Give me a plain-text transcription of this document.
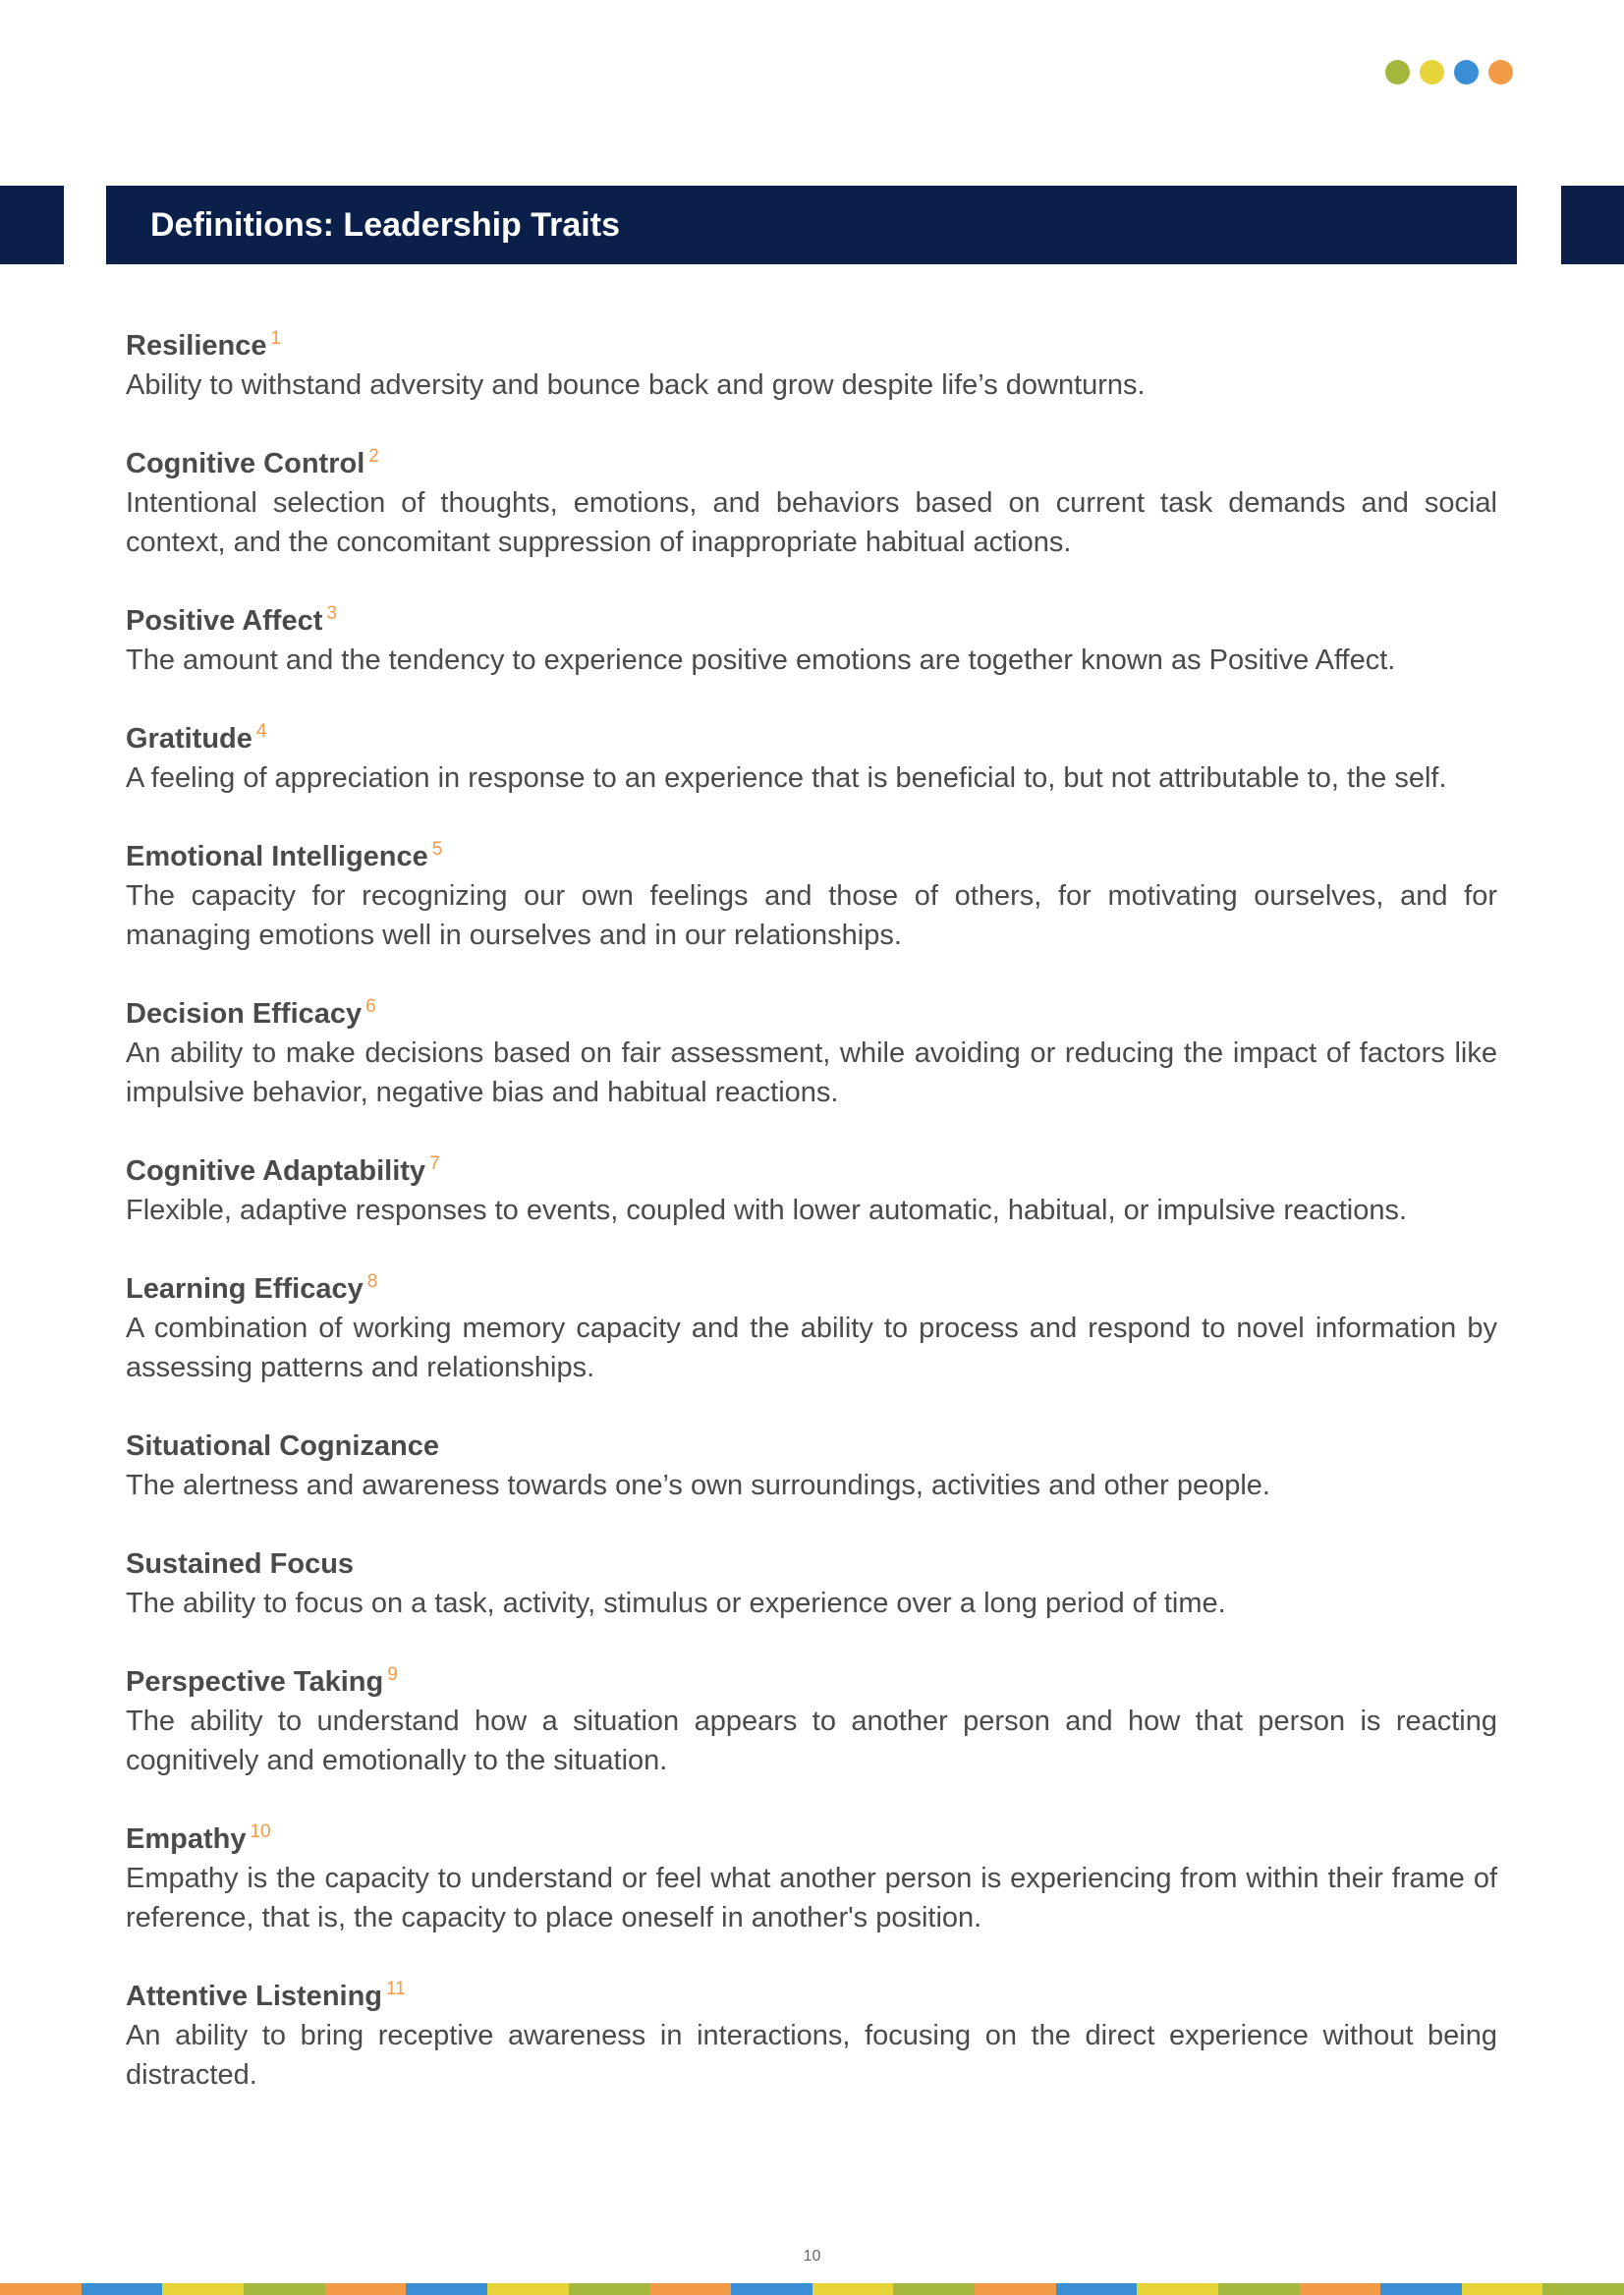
Definitions: Leadership Traits

Resilience $^1$

Ability to withstand adversity and bounce back and grow despite life’s downturns.

Cognitive Control $^2$

Intentional selection of thoughts, emotions, and behaviors based on current task demands and social context, and the concomitant suppression of inappropriate habitual actions.

Positive Affect $^3$

The amount and the tendency to experience positive emotions are together known as Positive Affect.

Gratitude $^4$

A feeling of appreciation in response to an experience that is beneficial to, but not attributable to, the self.

Emotional Intelligence $^5$

The capacity for recognizing our own feelings and those of others, for motivating ourselves, and for managing emotions well in ourselves and in our relationships.

Decision Efficacy $^6$

An ability to make decisions based on fair assessment, while avoiding or reducing the impact of factors like impulsive behavior, negative bias and habitual reactions.

Cognitive Adaptability $^7$

Flexible, adaptive responses to events, coupled with lower automatic, habitual, or impulsive reactions.

Learning Efficacy $^8$

A combination of working memory capacity and the ability to process and respond to novel information by assessing patterns and relationships.

Situational Cognizance

The alertness and awareness towards one’s own surroundings, activities and other people.

Sustained Focus

The ability to focus on a task, activity, stimulus or experience over a long period of time.

Perspective Taking $^9$

The ability to understand how a situation appears to another person and how that person is reacting cognitively and emotionally to the situation.

Empathy $^{10}$

Empathy is the capacity to understand or feel what another person is experiencing from within their frame of reference, that is, the capacity to place oneself in another's position.

Attentive Listening $^{11}$

An ability to bring receptive awareness in interactions, focusing on the direct experience without being distracted.

10
